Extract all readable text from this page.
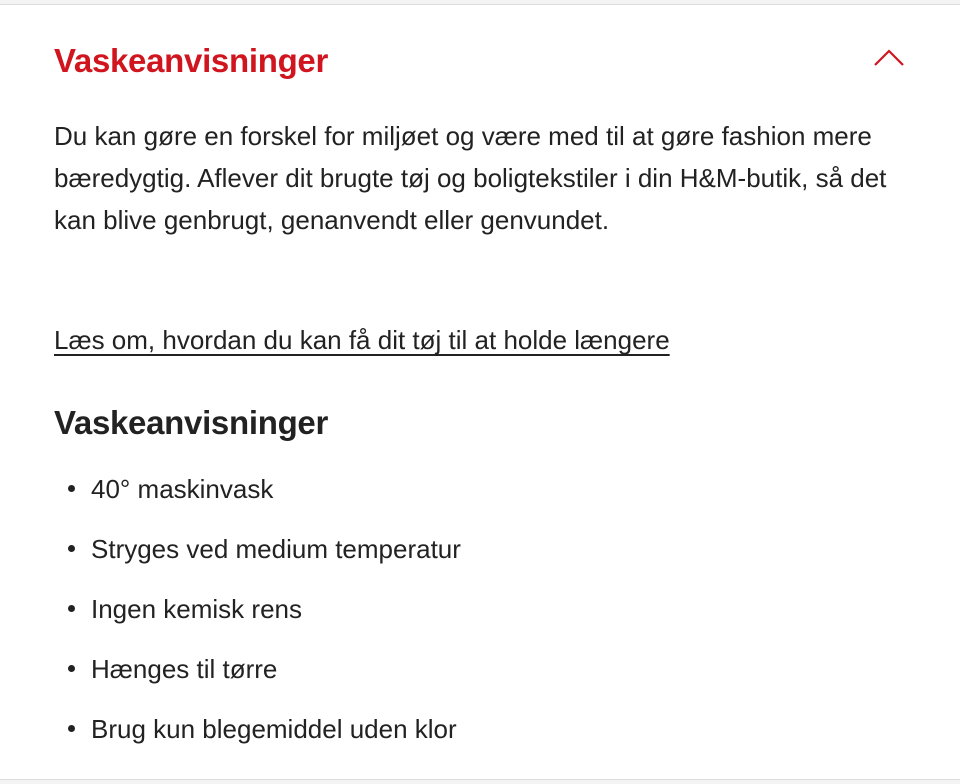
Vaskeanvisninger

Du kan gøre en forskel for miljøet og være med til at gøre fashion mere bæredygtig. Aflever dit brugte tøj og boligtekstiler i din H&M-butik, så det kan blive genbrugt, genanvendt eller genvundet.

Læs om, hvordan du kan få dit tøj til at holde længere
Vaskeanvisninger
40° maskinvask
Stryges ved medium temperatur
Ingen kemisk rens
Hænges til tørre
Brug kun blegemiddel uden klor
